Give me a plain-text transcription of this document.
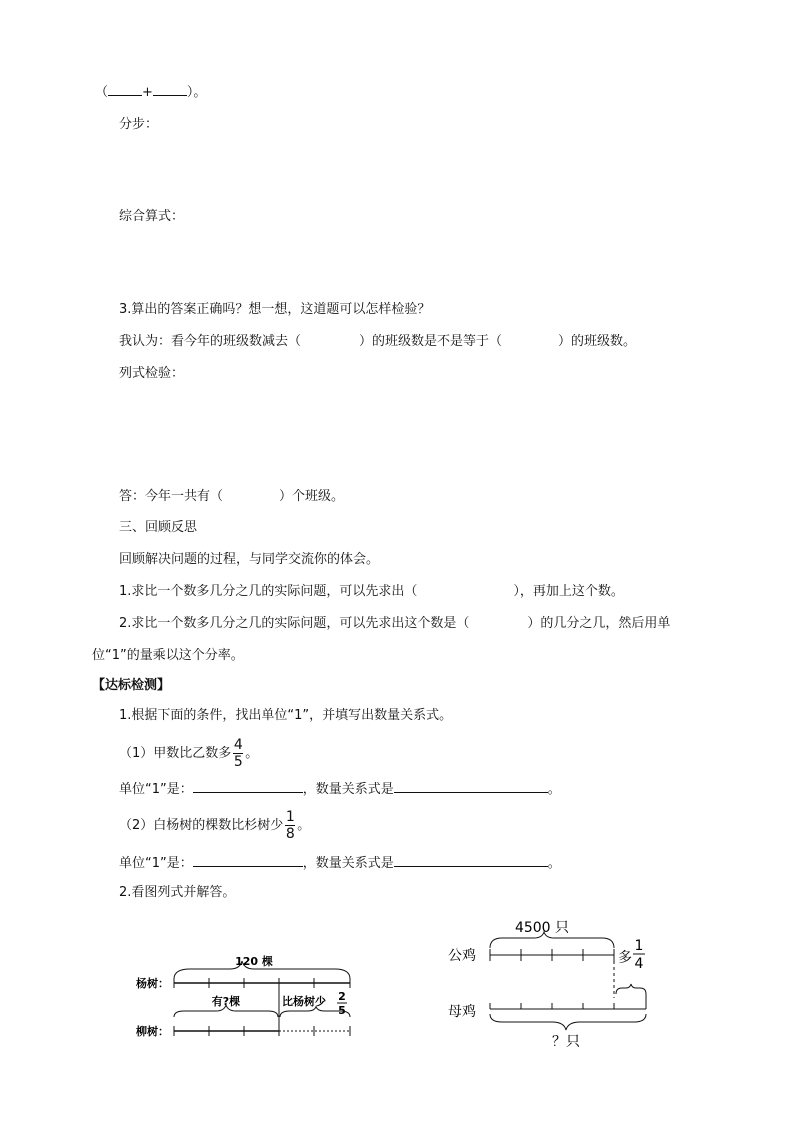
（	+	）。
分步：
综合算式：
3.算出的答案正确吗？想一想，这道题可以怎样检验？
我认为：看今年的班级数减去（	）的班级数是不是等于（	）的班级数。
列式检验：
答：今年一共有（	）个班级。
三、回顾反思
回顾解决问题的过程，与同学交流你的体会。
1.求比一个数多几分之几的实际问题，可以先求出（	），再加上这个数。
2.求比一个数多几分之几的实际问题，可以先求出这个数是（	）的几分之几，然后用单
位“1”的量乘以这个分率。
【达标检测】
1.根据下面的条件，找出单位“1”，并填写出数量关系式。
（1）甲数比乙数多 $\frac{4}{5}$ 。
单位“1”是：	，数量关系式是	。
（2）白杨树的棵数比杉树少 $\frac{1}{8}$ 。
单位“1”是：	，数量关系式是	。
2.看图列式并解答。
120 棵
杨树：
有?棵	比杨树少 2
5
柳树：
4500 只
公鸡	多
1
4
母鸡
？只
